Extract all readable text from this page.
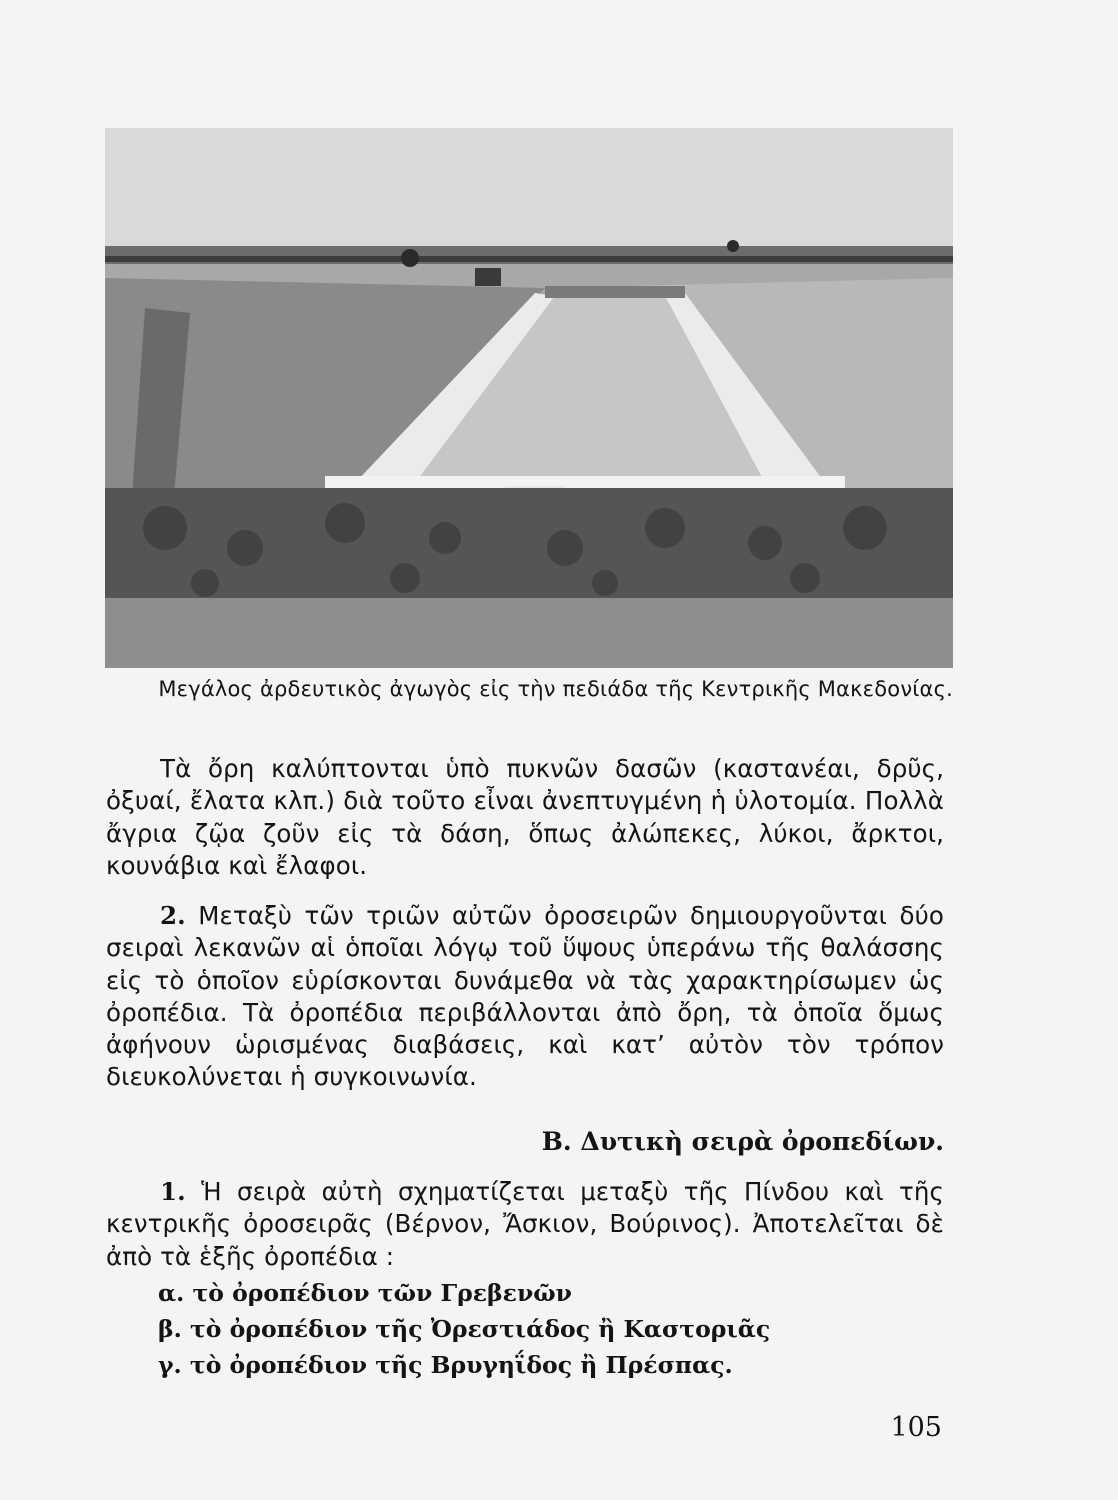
Μεγάλος ἀρδευτικὸς ἀγωγὸς εἰς τὴν πεδιάδα τῆς Κεντρικῆς Μακεδονίας.

Τὰ ὄρη καλύπτονται ὑπὸ πυκνῶν δασῶν (καστανέαι, δρῦς, ὀξυαί, ἔλατα κλπ.) διὰ τοῦτο εἶναι ἀνεπτυγμένη ἡ ὑλοτομία. Πολλὰ ἄγρια ζῷα ζοῦν εἰς τὰ δάση, ὅπως ἀλώπεκες, λύκοι, ἄρκτοι, κουνάβια καὶ ἔλαφοι.

2. Μεταξὺ τῶν τριῶν αὐτῶν ὀροσειρῶν δημιουργοῦνται δύο σειραὶ λεκανῶν αἱ ὁποῖαι λόγῳ τοῦ ὕψους ὑπεράνω τῆς θαλάσσης εἰς τὸ ὁποῖον εὑρίσκονται δυνάμεθα νὰ τὰς χαρακτηρίσωμεν ὡς ὀροπέδια. Τὰ ὀροπέδια περιβάλλονται ἀπὸ ὄρη, τὰ ὁποῖα ὅμως ἀφήνουν ὡρισμένας διαβάσεις, καὶ κατ’ αὐτὸν τὸν τρόπον διευκολύνεται ἡ συγκοινωνία.

Β. Δυτικὴ σειρὰ ὀροπεδίων.

1. Ἡ σειρὰ αὐτὴ σχηματίζεται μεταξὺ τῆς Πίνδου καὶ τῆς κεντρικῆς ὀροσειρᾶς (Βέρνον, Ἄσκιον, Βούρινος). Ἀποτελεῖται δὲ ἀπὸ τὰ ἑξῆς ὀροπέδια :

α. τὸ ὀροπέδιον τῶν Γρεβενῶν
β. τὸ ὀροπέδιον τῆς Ὀρεστιάδος ἢ Καστοριᾶς
γ. τὸ ὀροπέδιον τῆς Βρυγηΐδος ἢ Πρέσπας.
105
